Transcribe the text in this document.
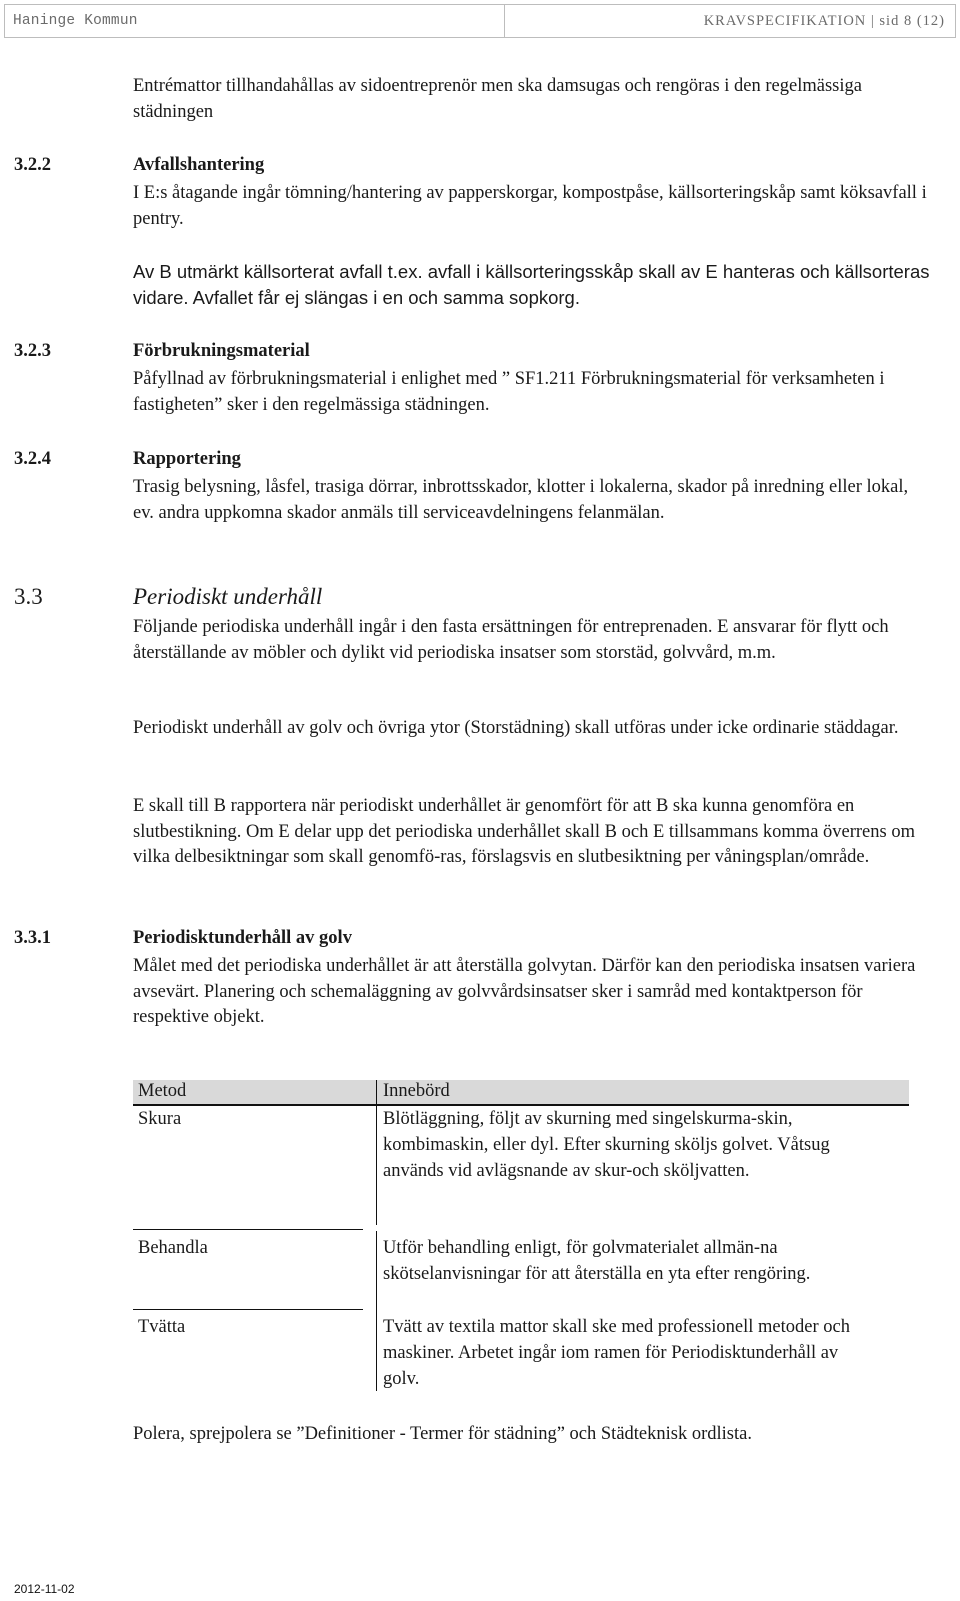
Haninge Kommun	KRAVSPECIFIKATION | sid 8 (12)

Entrémattor tillhandahållas av sidoentreprenör men ska damsugas och rengöras i den regelmässiga städningen

3.2.2	Avfallshantering

I E:s åtagande ingår tömning/hantering av papperskorgar, kompostpåse, källsorteringskåp samt köksavfall i pentry.

Av B utmärkt källsorterat avfall t.ex. avfall i källsorteringsskåp skall av E hanteras och källsorteras vidare. Avfallet får ej slängas i en och samma sopkorg.

3.2.3	Förbrukningsmaterial

Påfyllnad av förbrukningsmaterial i enlighet med ” SF1.211 Förbrukningsmaterial för verksamheten i fastigheten” sker i den regelmässiga städningen.

3.2.4	Rapportering

Trasig belysning, låsfel, trasiga dörrar, inbrottsskador, klotter i lokalerna, skador på inredning eller lokal, ev. andra uppkomna skador anmäls till serviceavdelningens felanmälan.

3.3	Periodiskt underhåll

Följande periodiska underhåll ingår i den fasta ersättningen för entreprenaden. E ansvarar för flytt och återställande av möbler och dylikt vid periodiska insatser som storstäd, golvvård, m.m.

Periodiskt underhåll av golv och övriga ytor (Storstädning) skall utföras under icke ordinarie städdagar.

E skall till B rapportera när periodiskt underhållet är genomfört för att B ska kunna genomföra en slutbestikning. Om E delar upp det periodiska underhållet skall B och E tillsammans komma överrens om vilka delbesiktningar som skall genomfö-ras, förslagsvis en slutbesiktning per våningsplan/område.

3.3.1	Periodisktunderhåll av golv

Målet med det periodiska underhållet är att återställa golvytan. Därför kan den periodiska insatsen variera avsevärt. Planering och schemaläggning av golvvårdsinsatser sker i samråd med kontaktperson för respektive objekt.

Metod	Innebörd
Skura	Blötläggning, följt av skurning med singelskurma-skin, kombimaskin, eller dyl. Efter skurning sköljs golvet. Våtsug används vid avlägsnande av skur-och sköljvatten.

Behandla	Utför behandling enligt, för golvmaterialet allmän-na skötselanvisningar för att återställa en yta efter rengöring.

Tvätta	Tvätt av textila mattor skall ske med professionell metoder och maskiner. Arbetet ingår iom ramen för Periodisktunderhåll av golv.

Polera, sprejpolera se ”Definitioner - Termer för städning” och Städteknisk ordlista.

2012-11-02
